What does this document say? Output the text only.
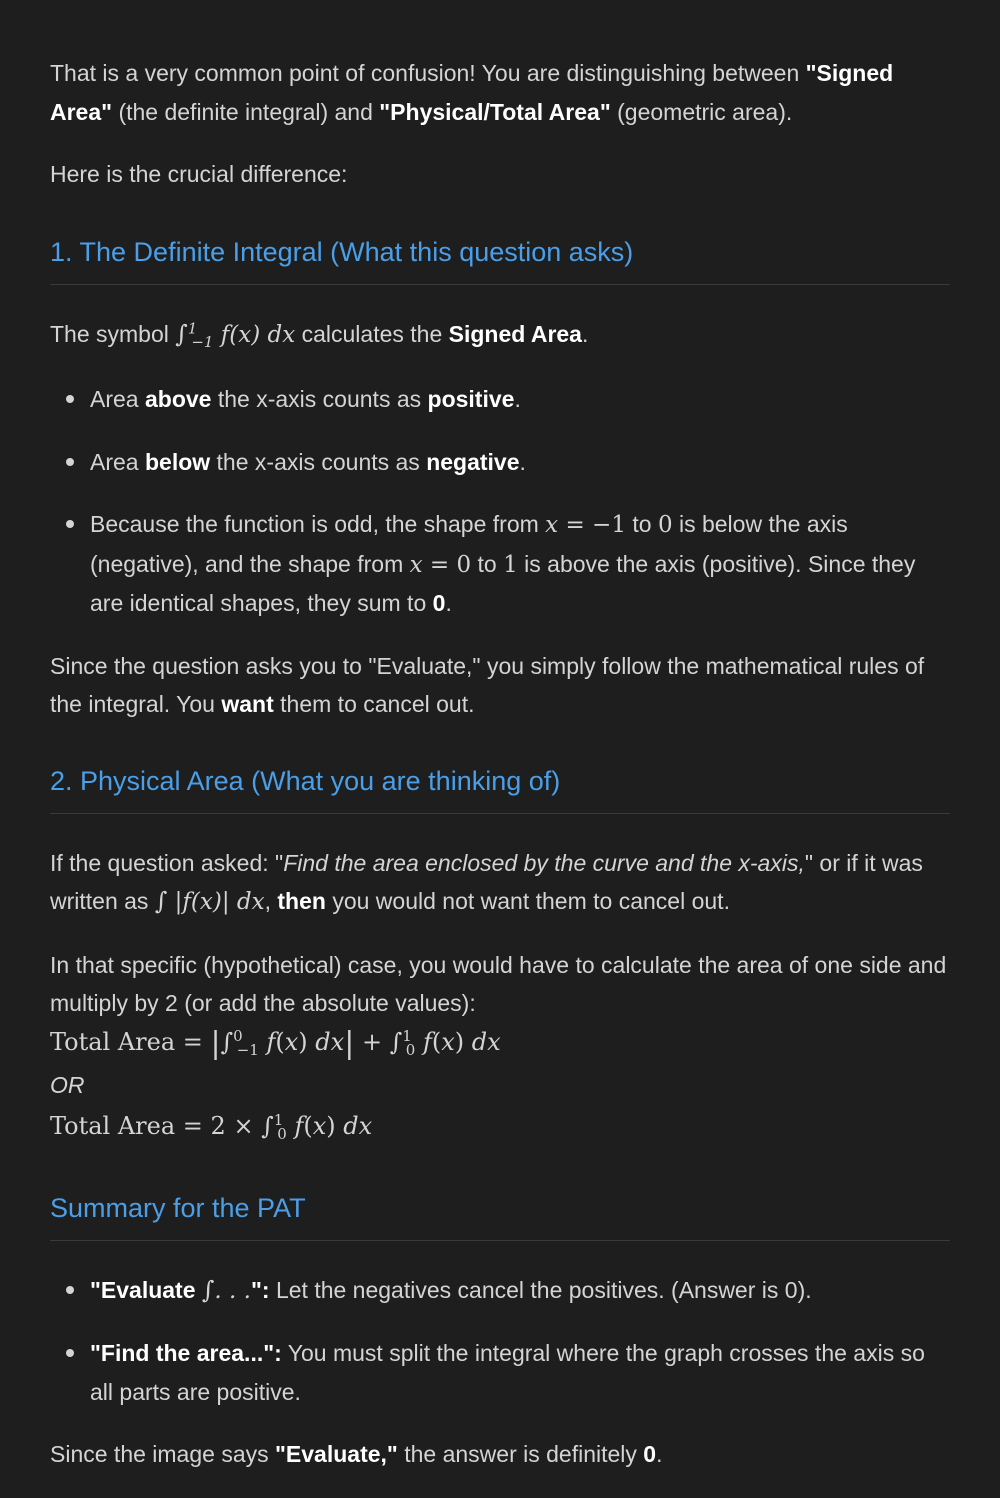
That is a very common point of confusion! You are distinguishing between "Signed Area" (the definite integral) and "Physical/Total Area" (geometric area).

Here is the crucial difference:

1. The Definite Integral (What this question asks)

The symbol ∫$^1_{-1}$ f(x) dx calculates the Signed Area.

Area above the x-axis counts as positive.
Area below the x-axis counts as negative.
Because the function is odd, the shape from x = −1 to 0 is below the axis (negative), and the shape from x = 0 to 1 is above the axis (positive). Since they are identical shapes, they sum to 0.

Since the question asks you to "Evaluate," you simply follow the mathematical rules of the integral. You want them to cancel out.

2. Physical Area (What you are thinking of)

If the question asked: "Find the area enclosed by the curve and the x-axis," or if it was written as ∫ |f(x)| dx, then you would not want them to cancel out.

In that specific (hypothetical) case, you would have to calculate the area of one side and multiply by 2 (or add the absolute values):

Total Area = |∫$^0_{-1}$ f(x) dx| + ∫$^1_0$ f(x) dx
OR
Total Area = 2 × ∫$^1_0$ f(x) dx
Summary for the PAT
"Evaluate ∫. . .": Let the negatives cancel the positives. (Answer is 0).
"Find the area...": You must split the integral where the graph crosses the axis so all parts are positive.

Since the image says "Evaluate," the answer is definitely 0.
